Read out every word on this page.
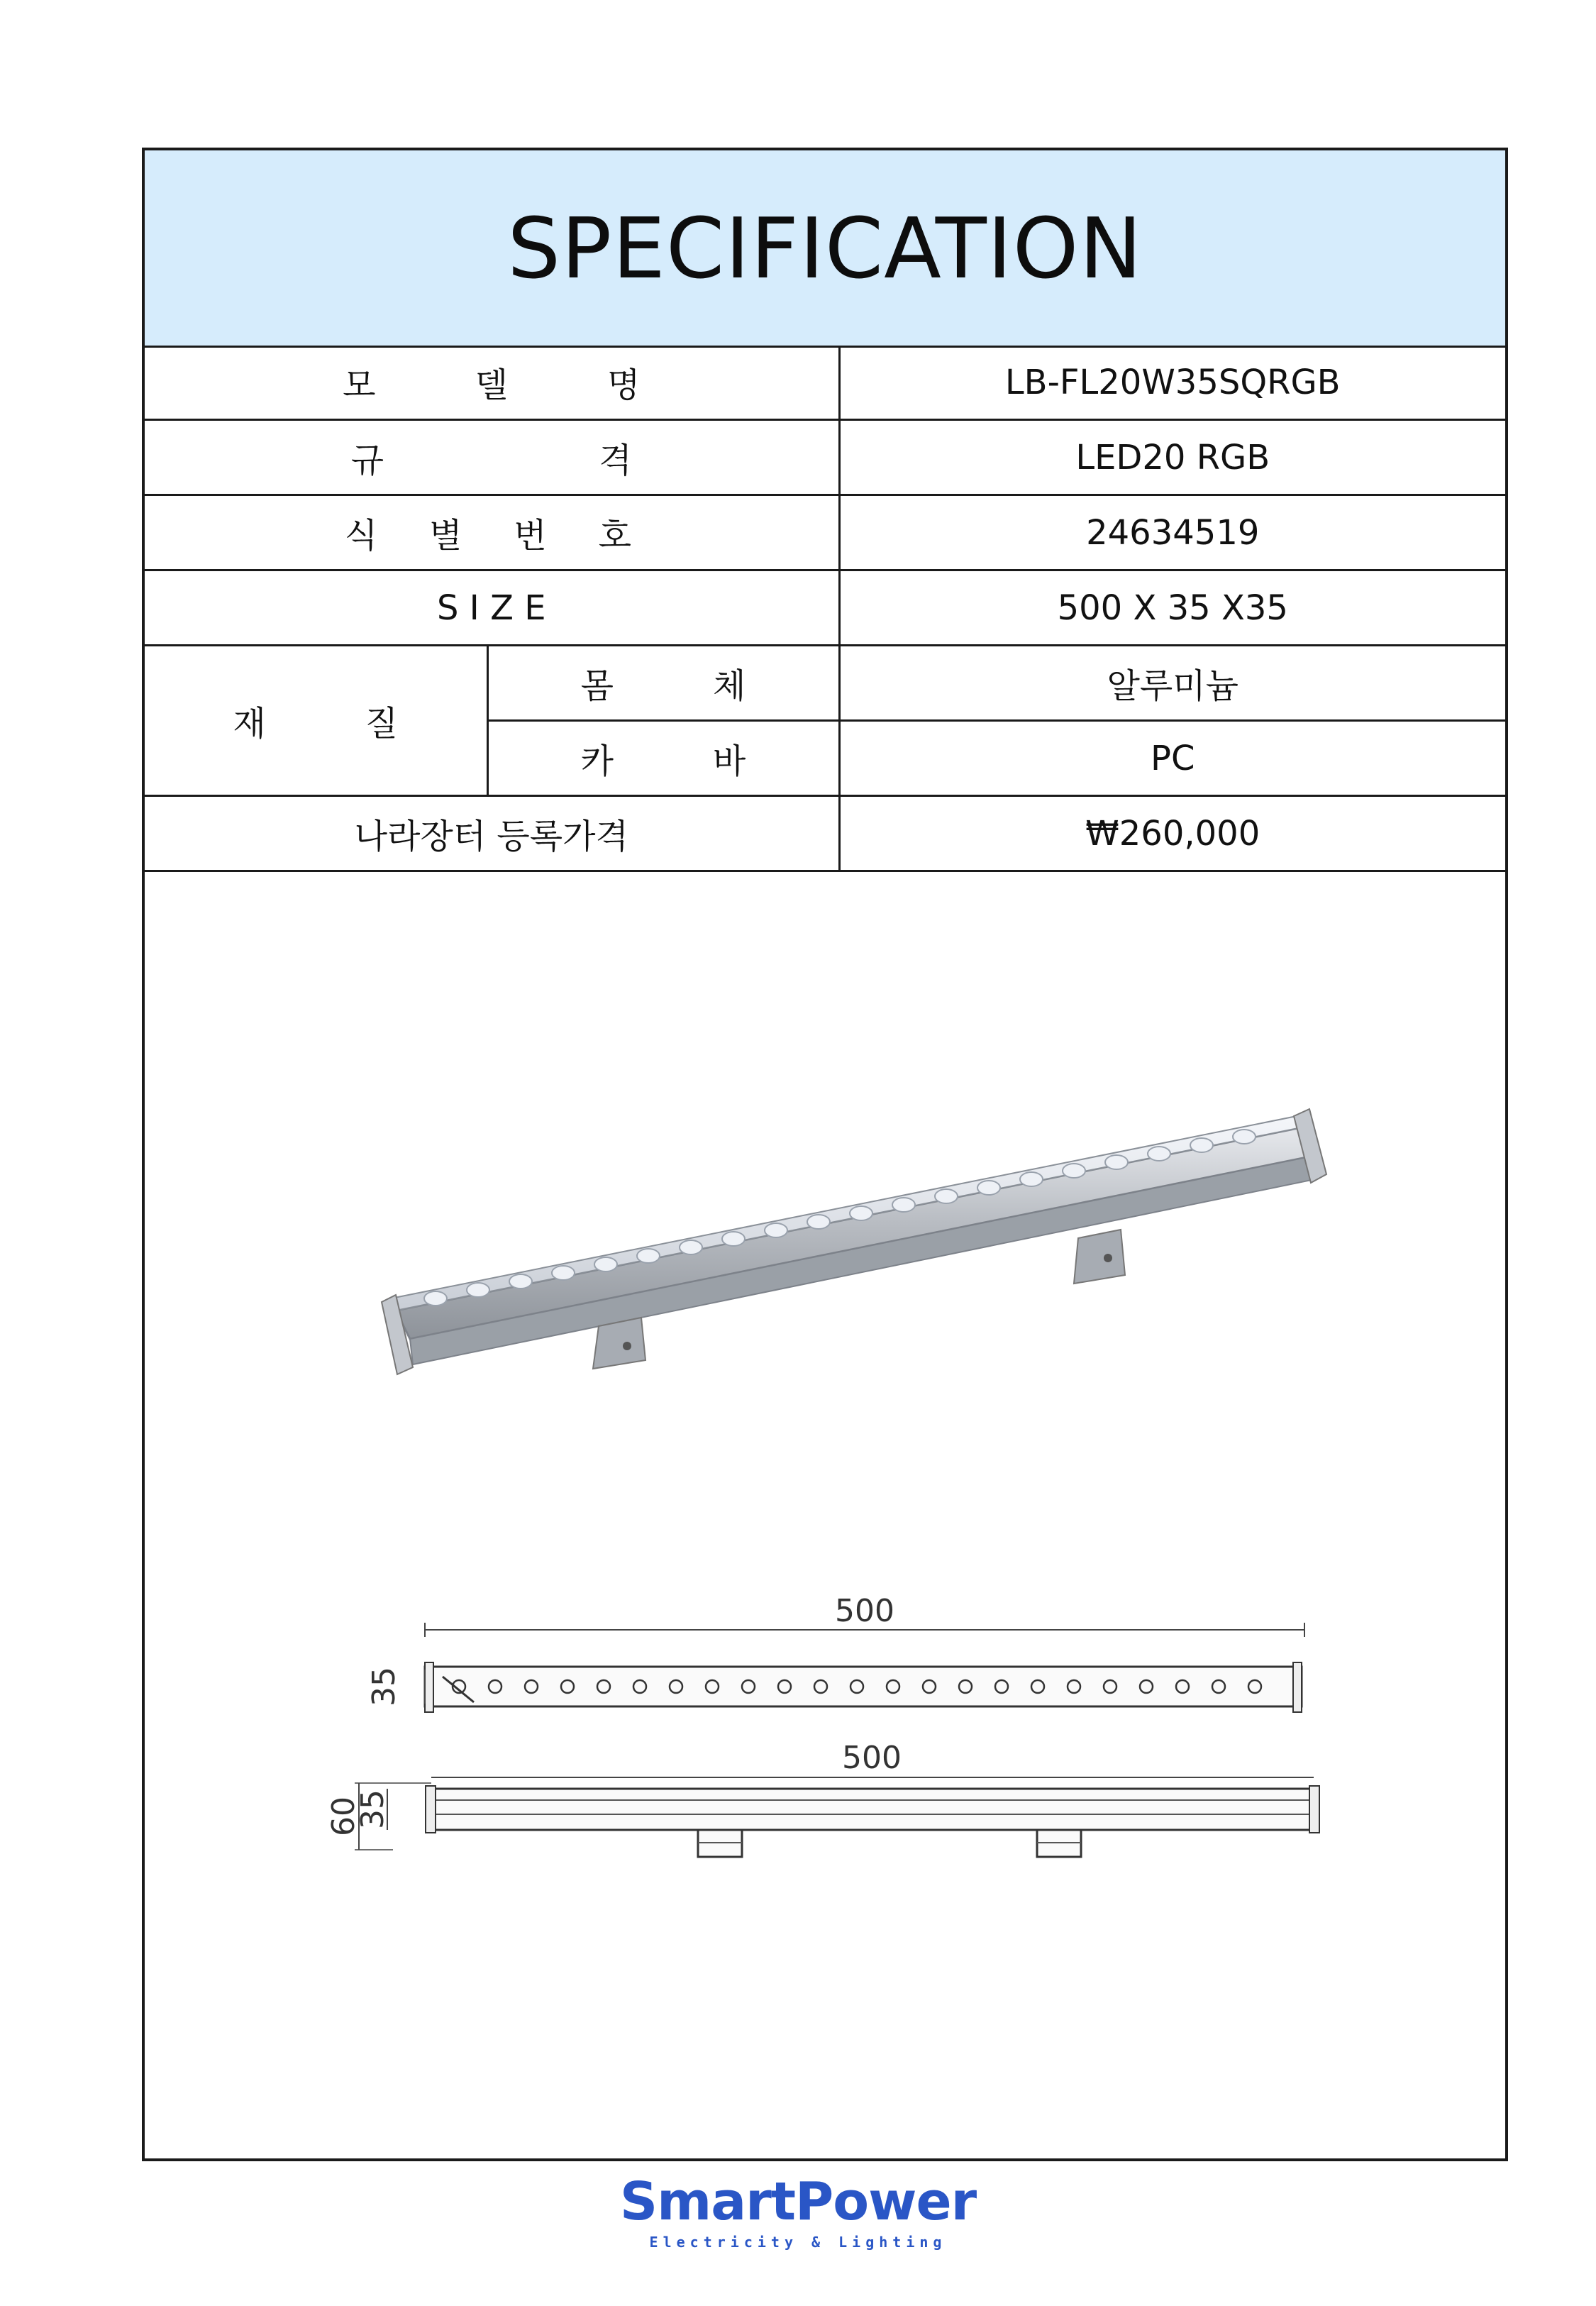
SPECIFICATION
모 델 명		LB-FL20W35SQRGB
규 격		LED20 RGB
식 별 번 호		24634519
S I Z E		500 X 35 X35
재 질	몸 체	알루미늄
	카 바	PC
나라장터 등록가격		₩260,000
500
35
500
60
35
SmartPower
Electricity & Lighting
